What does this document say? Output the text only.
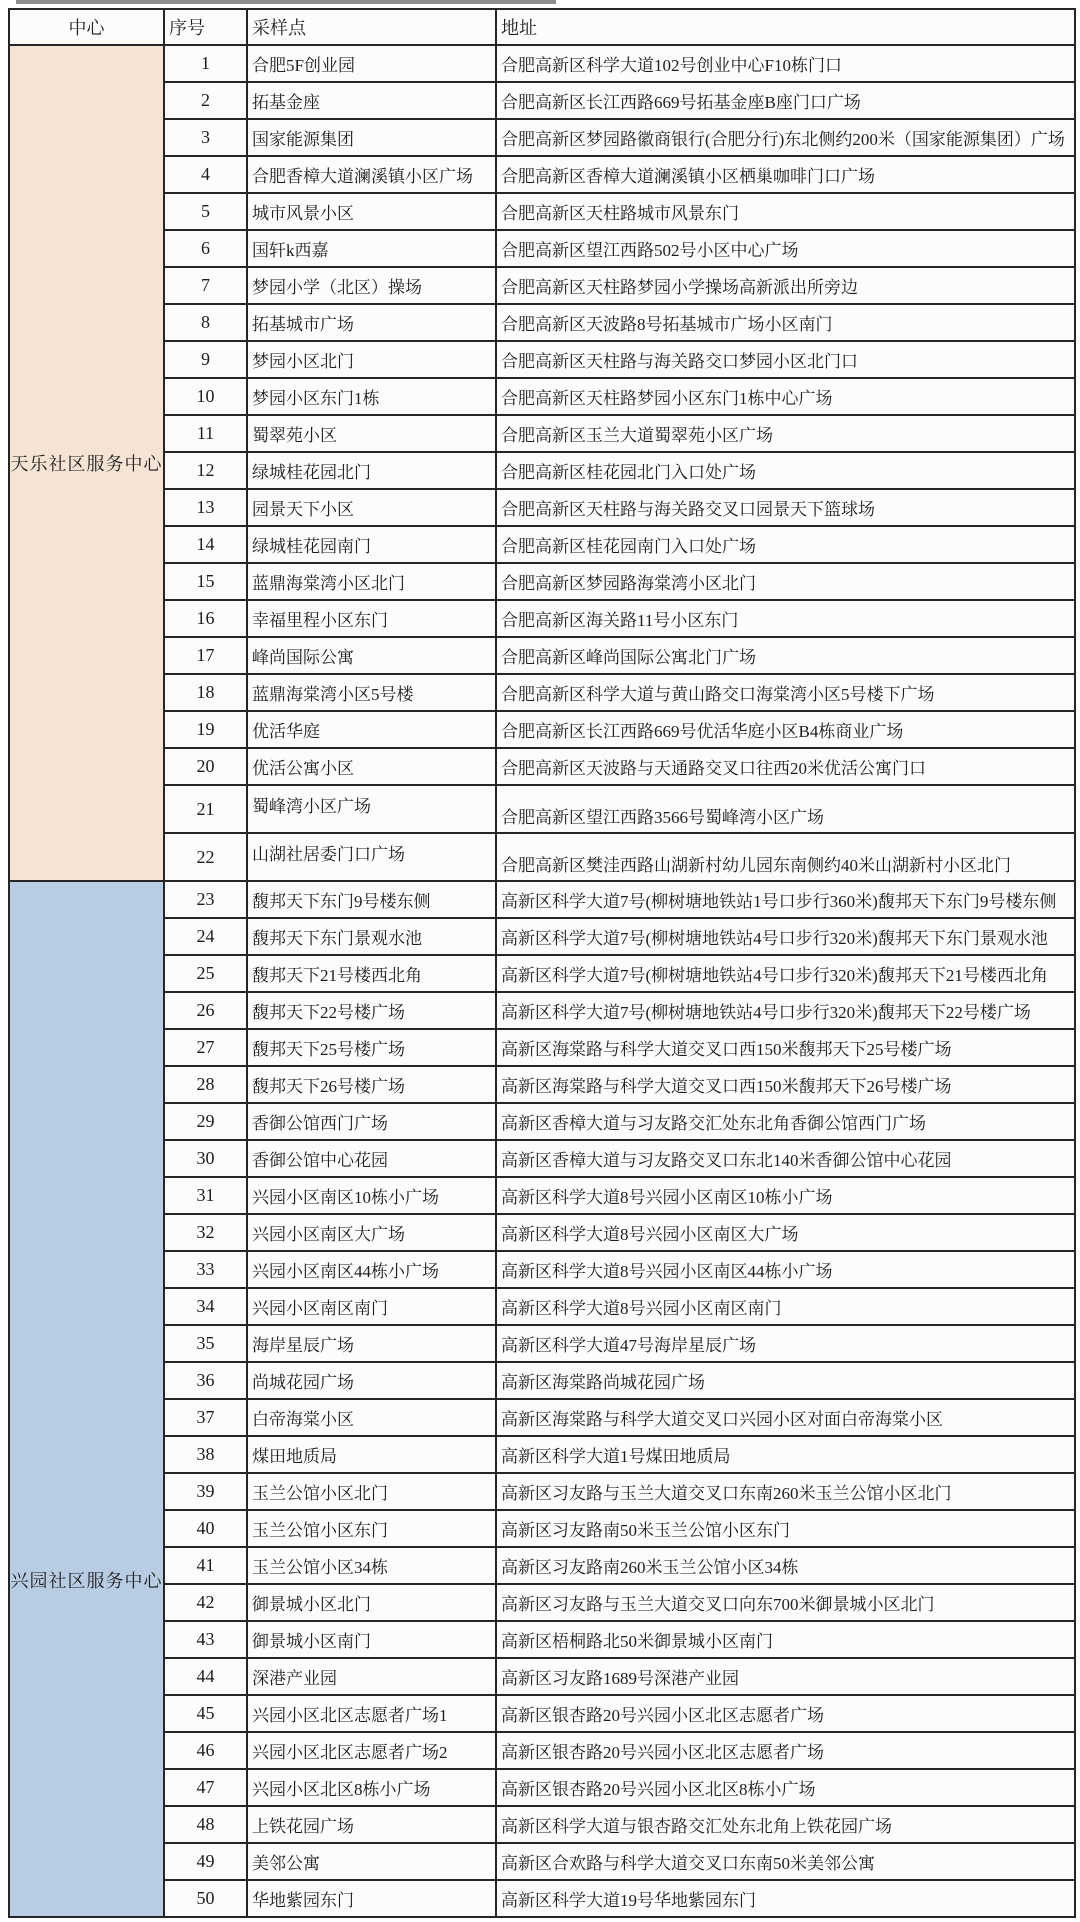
中心	序号	采样点	地址

天乐社区服务中心	1	合肥5F创业园	合肥高新区科学大道102号创业中心F10栋门口
	2	拓基金座	合肥高新区长江西路669号拓基金座B座门口广场
	3	国家能源集团	合肥高新区梦园路徽商银行(合肥分行)东北侧约200米（国家能源集团）广场
	4	合肥香樟大道澜溪镇小区广场	合肥高新区香樟大道澜溪镇小区栖巢咖啡门口广场
	5	城市风景小区	合肥高新区天柱路城市风景东门
	6	国轩k西嘉	合肥高新区望江西路502号小区中心广场
	7	梦园小学（北区）操场	合肥高新区天柱路梦园小学操场高新派出所旁边
	8	拓基城市广场	合肥高新区天波路8号拓基城市广场小区南门
	9	梦园小区北门	合肥高新区天柱路与海关路交口梦园小区北门口
	10	梦园小区东门1栋	合肥高新区天柱路梦园小区东门1栋中心广场
	11	蜀翠苑小区	合肥高新区玉兰大道蜀翠苑小区广场
	12	绿城桂花园北门	合肥高新区桂花园北门入口处广场
	13	园景天下小区	合肥高新区天柱路与海关路交叉口园景天下篮球场
	14	绿城桂花园南门	合肥高新区桂花园南门入口处广场
	15	蓝鼎海棠湾小区北门	合肥高新区梦园路海棠湾小区北门
	16	幸福里程小区东门	合肥高新区海关路11号小区东门
	17	峰尚国际公寓	合肥高新区峰尚国际公寓北门广场
	18	蓝鼎海棠湾小区5号楼	合肥高新区科学大道与黄山路交口海棠湾小区5号楼下广场
	19	优活华庭	合肥高新区长江西路669号优活华庭小区B4栋商业广场
	20	优活公寓小区	合肥高新区天波路与天通路交叉口往西20米优活公寓门口
	21	蜀峰湾小区广场	合肥高新区望江西路3566号蜀峰湾小区广场
	22	山湖社居委门口广场	合肥高新区樊洼西路山湖新村幼儿园东南侧约40米山湖新村小区北门

兴园社区服务中心	23	馥邦天下东门9号楼东侧	高新区科学大道7号(柳树塘地铁站1号口步行360米)馥邦天下东门9号楼东侧
	24	馥邦天下东门景观水池	高新区科学大道7号(柳树塘地铁站4号口步行320米)馥邦天下东门景观水池
	25	馥邦天下21号楼西北角	高新区科学大道7号(柳树塘地铁站4号口步行320米)馥邦天下21号楼西北角
	26	馥邦天下22号楼广场	高新区科学大道7号(柳树塘地铁站4号口步行320米)馥邦天下22号楼广场
	27	馥邦天下25号楼广场	高新区海棠路与科学大道交叉口西150米馥邦天下25号楼广场
	28	馥邦天下26号楼广场	高新区海棠路与科学大道交叉口西150米馥邦天下26号楼广场
	29	香御公馆西门广场	高新区香樟大道与习友路交汇处东北角香御公馆西门广场
	30	香御公馆中心花园	高新区香樟大道与习友路交叉口东北140米香御公馆中心花园
	31	兴园小区南区10栋小广场	高新区科学大道8号兴园小区南区10栋小广场
	32	兴园小区南区大广场	高新区科学大道8号兴园小区南区大广场
	33	兴园小区南区44栋小广场	高新区科学大道8号兴园小区南区44栋小广场
	34	兴园小区南区南门	高新区科学大道8号兴园小区南区南门
	35	海岸星辰广场	高新区科学大道47号海岸星辰广场
	36	尚城花园广场	高新区海棠路尚城花园广场
	37	白帝海棠小区	高新区海棠路与科学大道交叉口兴园小区对面白帝海棠小区
	38	煤田地质局	高新区科学大道1号煤田地质局
	39	玉兰公馆小区北门	高新区习友路与玉兰大道交叉口东南260米玉兰公馆小区北门
	40	玉兰公馆小区东门	高新区习友路南50米玉兰公馆小区东门
	41	玉兰公馆小区34栋	高新区习友路南260米玉兰公馆小区34栋
	42	御景城小区北门	高新区习友路与玉兰大道交叉口向东700米御景城小区北门
	43	御景城小区南门	高新区梧桐路北50米御景城小区南门
	44	深港产业园	高新区习友路1689号深港产业园
	45	兴园小区北区志愿者广场1	高新区银杏路20号兴园小区北区志愿者广场
	46	兴园小区北区志愿者广场2	高新区银杏路20号兴园小区北区志愿者广场
	47	兴园小区北区8栋小广场	高新区银杏路20号兴园小区北区8栋小广场
	48	上铁花园广场	高新区科学大道与银杏路交汇处东北角上铁花园广场
	49	美邻公寓	高新区合欢路与科学大道交叉口东南50米美邻公寓
	50	华地紫园东门	高新区科学大道19号华地紫园东门
